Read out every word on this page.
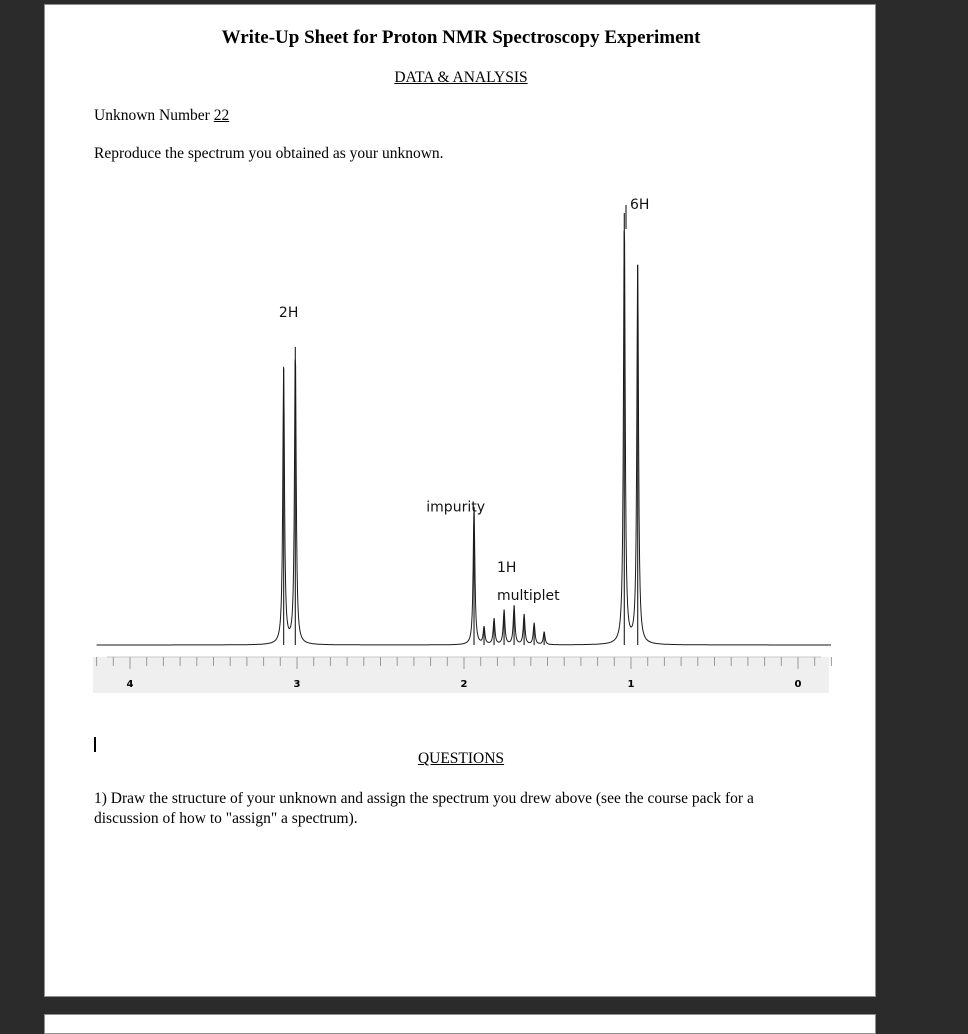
Write-Up Sheet for Proton NMR Spectroscopy Experiment
DATA & ANALYSIS
Unknown Number 22
Reproduce the spectrum you obtained as your unknown.
4	3	2	1	0
2H
impurity
1H
multiplet
6H
QUESTIONS
1) Draw the structure of your unknown and assign the spectrum you drew above (see the course pack for a discussion of how to "assign" a spectrum).
